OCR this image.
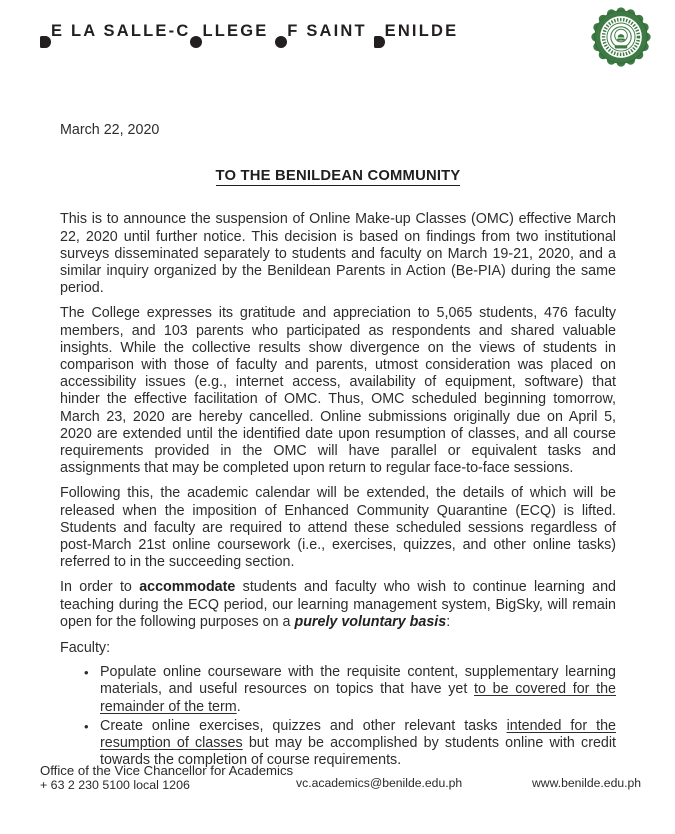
E LA SALLE-C LLEGE F SAINT ENILDE

March 22, 2020

TO THE BENILDEAN COMMUNITY

This is to announce the suspension of Online Make-up Classes (OMC) effective March 22, 2020 until further notice. This decision is based on findings from two institutional surveys disseminated separately to students and faculty on March 19-21, 2020, and a similar inquiry organized by the Benildean Parents in Action (Be-PIA) during the same period.

The College expresses its gratitude and appreciation to 5,065 students, 476 faculty members, and 103 parents who participated as respondents and shared valuable insights. While the collective results show divergence on the views of students in comparison with those of faculty and parents, utmost consideration was placed on accessibility issues (e.g., internet access, availability of equipment, software) that hinder the effective facilitation of OMC. Thus, OMC scheduled beginning tomorrow, March 23, 2020 are hereby cancelled. Online submissions originally due on April 5, 2020 are extended until the identified date upon resumption of classes, and all course requirements provided in the OMC will have parallel or equivalent tasks and assignments that may be completed upon return to regular face-to-face sessions.

Following this, the academic calendar will be extended, the details of which will be released when the imposition of Enhanced Community Quarantine (ECQ) is lifted. Students and faculty are required to attend these scheduled sessions regardless of post-March 21st online coursework (i.e., exercises, quizzes, and other online tasks) referred to in the succeeding section.

In order to accommodate students and faculty who wish to continue learning and teaching during the ECQ period, our learning management system, BigSky, will remain open for the following purposes on a purely voluntary basis:

Faculty:

• Populate online courseware with the requisite content, supplementary learning materials, and useful resources on topics that have yet to be covered for the remainder of the term.
• Create online exercises, quizzes and other relevant tasks intended for the resumption of classes but may be accomplished by students online with credit towards the completion of course requirements.
Office of the Vice Chancellor for Academics
+ 63 2 230 5100 local 1206	vc.academics@benilde.edu.ph	www.benilde.edu.ph
